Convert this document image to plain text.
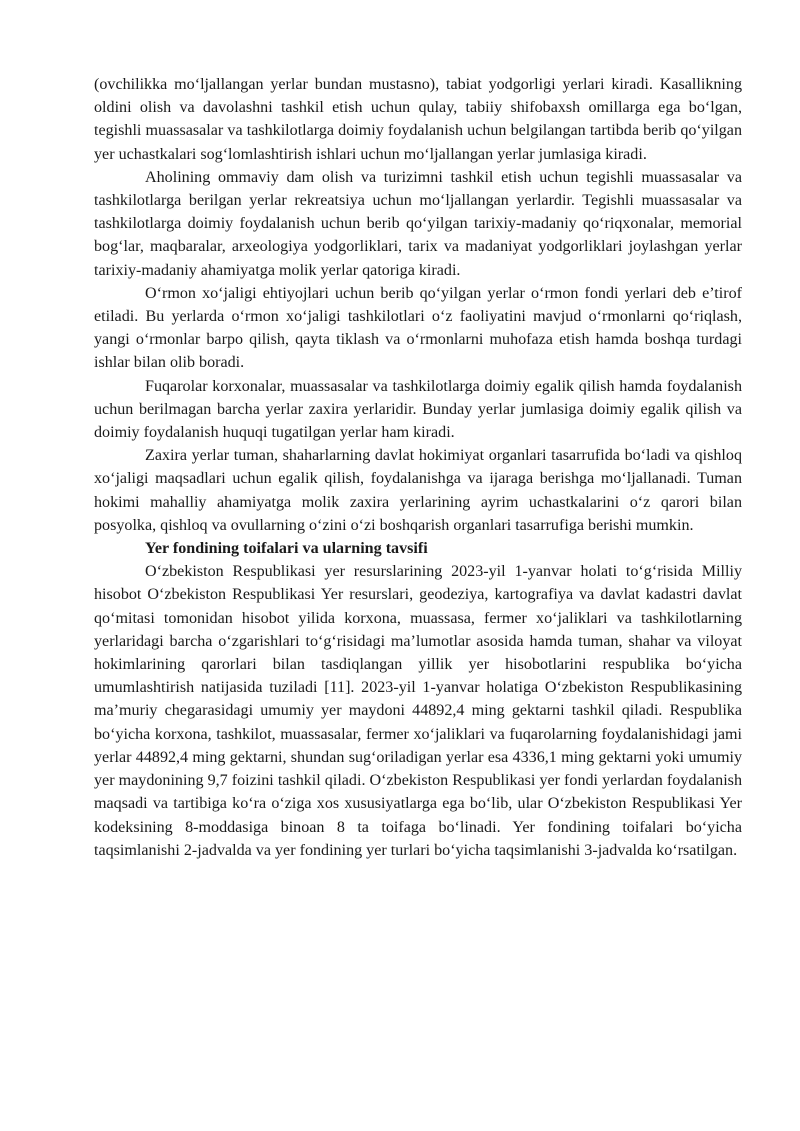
(ovchilikka mo‘ljallangan yerlar bundan mustasno), tabiat yodgorligi yerlari kiradi. Kasallikning oldini olish va davolashni tashkil etish uchun qulay, tabiiy shifobaxsh omillarga ega bo‘lgan, tegishli muassasalar va tashkilotlarga doimiy foydalanish uchun belgilangan tartibda berib qo‘yilgan yer uchastkalari sog‘lomlashtirish ishlari uchun mo‘ljallangan yerlar jumlasiga kiradi.

Aholining ommaviy dam olish va turizimni tashkil etish uchun tegishli muassasalar va tashkilotlarga berilgan yerlar rekreatsiya uchun mo‘ljallangan yerlardir. Tegishli muassasalar va tashkilotlarga doimiy foydalanish uchun berib qo‘yilgan tarixiy-madaniy qo‘riqxonalar, memorial bog‘lar, maqbaralar, arxeologiya yodgorliklari, tarix va madaniyat yodgorliklari joylashgan yerlar tarixiy-madaniy ahamiyatga molik yerlar qatoriga kiradi.

O‘rmon xo‘jaligi ehtiyojlari uchun berib qo‘yilgan yerlar o‘rmon fondi yerlari deb e’tirof etiladi. Bu yerlarda o‘rmon xo‘jaligi tashkilotlari o‘z faoliyatini mavjud o‘rmonlarni qo‘riqlash, yangi o‘rmonlar barpo qilish, qayta tiklash va o‘rmonlarni muhofaza etish hamda boshqa turdagi ishlar bilan olib boradi.

Fuqarolar korxonalar, muassasalar va tashkilotlarga doimiy egalik qilish hamda foydalanish uchun berilmagan barcha yerlar zaxira yerlaridir. Bunday yerlar jumlasiga doimiy egalik qilish va doimiy foydalanish huquqi tugatilgan yerlar ham kiradi.

Zaxira yerlar tuman, shaharlarning davlat hokimiyat organlari tasarrufida bo‘ladi va qishloq xo‘jaligi maqsadlari uchun egalik qilish, foydalanishga va ijaraga berishga mo‘ljallanadi. Tuman hokimi mahalliy ahamiyatga molik zaxira yerlarining ayrim uchastkalarini o‘z qarori bilan posyolka, qishloq va ovullarning o‘zini o‘zi boshqarish organlari tasarrufiga berishi mumkin.

Yer fondining toifalari va ularning tavsifi

O‘zbekiston Respublikasi yer resurslarining 2023-yil 1-yanvar holati to‘g‘risida Milliy hisobot O‘zbekiston Respublikasi Yer resurslari, geodeziya, kartografiya va davlat kadastri davlat qo‘mitasi tomonidan hisobot yilida korxona, muassasa, fermer xo‘jaliklari va tashkilotlarning yerlaridagi barcha o‘zgarishlari to‘g‘risidagi ma’lumotlar asosida hamda tuman, shahar va viloyat hokimlarining qarorlari bilan tasdiqlangan yillik yer hisobotlarini respublika bo‘yicha umumlashtirish natijasida tuziladi [11]. 2023-yil 1-yanvar holatiga O‘zbekiston Respublikasining ma’muriy chegarasidagi umumiy yer maydoni 44892,4 ming gektarni tashkil qiladi. Respublika bo‘yicha korxona, tashkilot, muassasalar, fermer xo‘jaliklari va fuqarolarning foydalanishidagi jami yerlar 44892,4 ming gektarni, shundan sug‘oriladigan yerlar esa 4336,1 ming gektarni yoki umumiy yer maydonining 9,7 foizini tashkil qiladi. O‘zbekiston Respublikasi yer fondi yerlardan foydalanish maqsadi va tartibiga ko‘ra o‘ziga xos xususiyatlarga ega bo‘lib, ular O‘zbekiston Respublikasi Yer kodeksining 8-moddasiga binoan 8 ta toifaga bo‘linadi. Yer fondining toifalari bo‘yicha taqsimlanishi 2-jadvalda va yer fondining yer turlari bo‘yicha taqsimlanishi 3-jadvalda ko‘rsatilgan.
